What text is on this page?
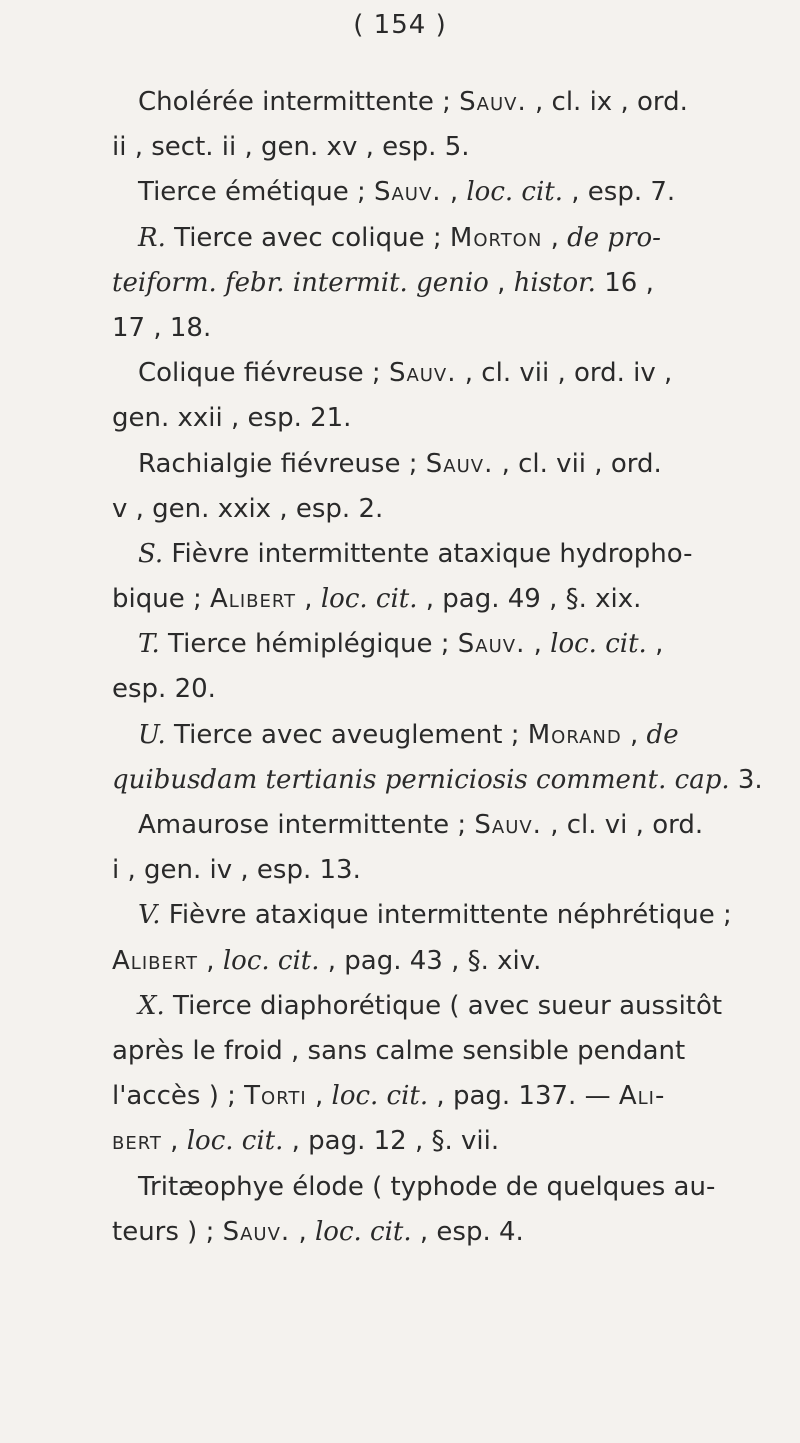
( 154 )
Cholérée intermittente ; Sauv. , cl. ix , ord.
ii , sect. ii , gen. xv , esp. 5.
Tierce émétique ; Sauv. , loc. cit. , esp. 7.
R. Tierce avec colique ; Morton , de pro-
teiform. febr. intermit. genio , histor. 16 ,
17 , 18.
Colique fiévreuse ; Sauv. , cl. vii , ord. iv ,
gen. xxii , esp. 21.
Rachialgie fiévreuse ; Sauv. , cl. vii , ord.
v , gen. xxix , esp. 2.
S. Fièvre intermittente ataxique hydropho-
bique ; Alibert , loc. cit. , pag. 49 , §. xix.
T. Tierce hémiplégique ; Sauv. , loc. cit. ,
esp. 20.
U. Tierce avec aveuglement ; Morand , de
quibusdam tertianis perniciosis comment. cap. 3.
Amaurose intermittente ; Sauv. , cl. vi , ord.
i , gen. iv , esp. 13.
V. Fièvre ataxique intermittente néphrétique ;
Alibert , loc. cit. , pag. 43 , §. xiv.
X. Tierce diaphorétique ( avec sueur aussitôt
après le froid , sans calme sensible pendant
l'accès ) ; Torti , loc. cit. , pag. 137. — Ali-
bert , loc. cit. , pag. 12 , §. vii.
Tritæophye élode ( typhode de quelques au-
teurs ) ; Sauv. , loc. cit. , esp. 4.
